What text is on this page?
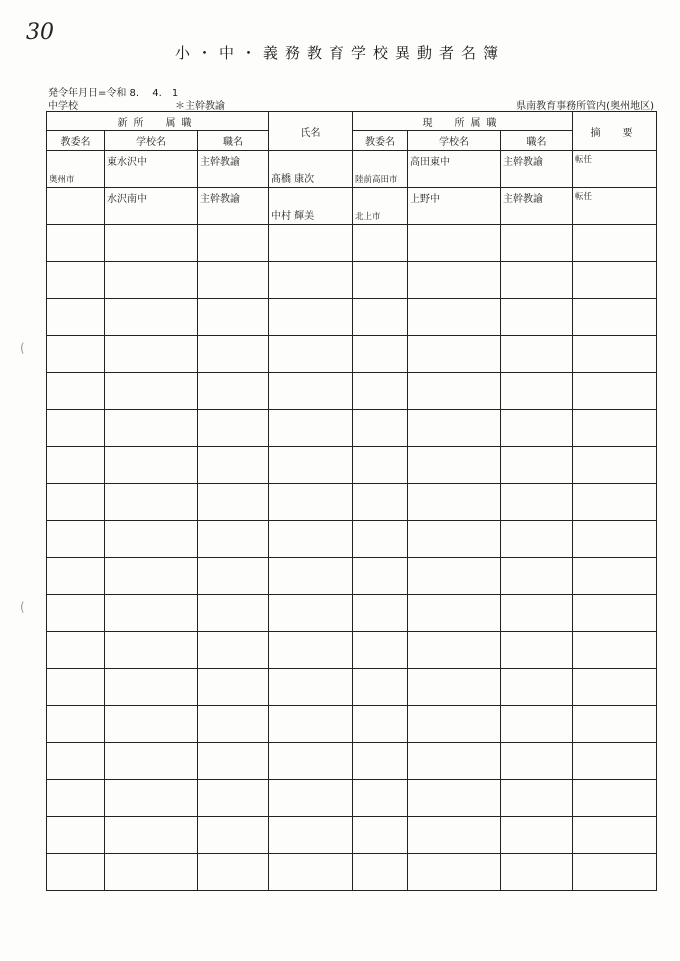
30
小・中・義務教育学校異動者名簿
発令年月日=令和 8.　 4.　1
中学校	＊主幹教諭	県南教育事務所管内(奥州地区)
(
(
新所　属職			氏名	現　所属職			摘　要
教委名	学校名	職名		教委名	学校名	職名	

奥州市	東水沢中	主幹教諭	髙橋 康次	陸前高田市	高田東中	主幹教諭	転任

	水沢南中	主幹教諭	中村 輝美	北上市	上野中	主幹教諭	転任
